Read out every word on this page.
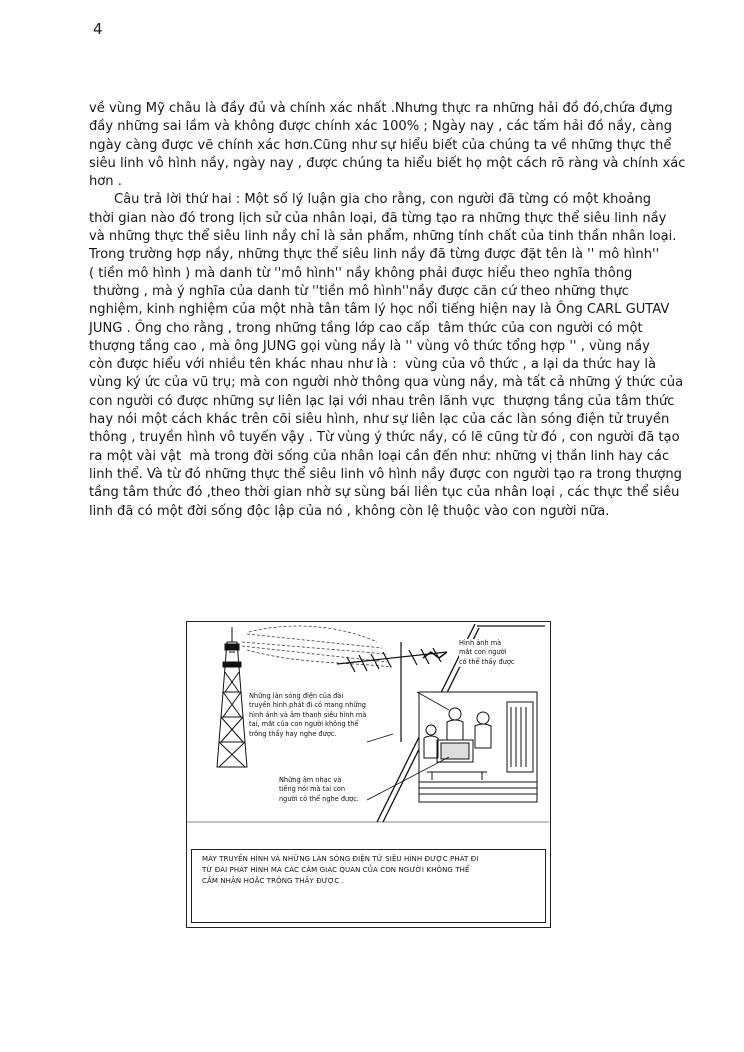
4
về vùng Mỹ châu là đầy đủ và chính xác nhất .Nhưng thực ra những hải đồ đó,chứa đựng
đầy những sai lầm và không được chính xác 100% ; Ngày nay , các tấm hải đồ nầy, càng
ngày càng được vẽ chính xác hơn.Cũng như sự hiểu biết của chúng ta về những thực thể
siêu linh vô hình nầy, ngày nay , được chúng ta hiểu biết họ một cách rõ ràng và chính xác
hơn .
Câu trả lời thứ hai : Một số lý luận gia cho rằng, con người đã từng có một khoảng
thời gian nào đó trong lịch sử của nhân loại, đã từng tạo ra những thực thể siêu linh nầy
và những thực thể siêu linh nầy chỉ là sản phẩm, những tính chất của tinh thần nhân loại.
Trong trường hợp nầy, những thực thể siêu linh nầy đã từng được đặt tên là '' mô hình''
( tiền mô hình ) mà danh từ ''mô hình'' nầy không phải được hiểu theo nghĩa thông
thường , mà ý nghĩa của danh từ ''tiền mô hình''nầy được căn cứ theo những thực
nghiệm, kinh nghiệm của một nhà tân tâm lý học nổi tiếng hiện nay là Ông CARL GUTAV
JUNG . Ông cho rằng , trong những tầng lớp cao cấp  tâm thức của con người có một
thượng tầng cao , mà ông JUNG gọi vùng nầy là '' vùng vô thức tổng hợp '' , vùng nầy
còn được hiểu với nhiều tên khác nhau như là :  vùng của vô thức , a lại da thức hay là
vùng ký ức của vũ trụ; mà con người nhờ thông qua vùng nầy, mà tất cả những ý thức của
con người có được những sự liên lạc lại với nhau trên lãnh vực  thượng tầng của tâm thức
hay nói một cách khác trên cõi siêu hình, như sự liên lạc của các làn sóng điện tử truyền
thông , truyền hình vô tuyến vậy . Từ vùng ý thức nầy, có lẽ cũng từ đó , con người đã tạo
ra một vài vật  mà trong đời sống của nhân loại cần đến như: những vị thần linh hay các
linh thể. Và từ đó những thực thể siêu linh vô hình nầy được con người tạo ra trong thượng
tầng tâm thức đó ,theo thời gian nhờ sự sùng bái liên tục của nhân loại , các thực thể siêu
linh đã có một đời sống độc lập của nó , không còn lệ thuộc vào con người nữa.
Hình ảnh mà
mắt con người
có thể thấy được
Những làn sóng điện của đài
truyền hình phát đi có mang những
hình ảnh và âm thanh siêu hình mà
tai, mắt của con người không thể
trông thấy hay nghe được.
Những âm nhạc và
tiếng nói mà tai con
người có thể nghe được.
MÁY TRUYỀN HÌNH VÀ NHỮNG LÀN SÓNG ĐIỆN TỬ SIÊU HÌNH ĐƯỢC PHÁT ĐI
TỪ ĐÀI PHÁT HÌNH MÀ CÁC CẢM GIÁC QUAN CỦA CON NGƯỜI KHÔNG THỂ
CẢM NHẬN HOẶC TRÔNG THẤY ĐƯỢC .
